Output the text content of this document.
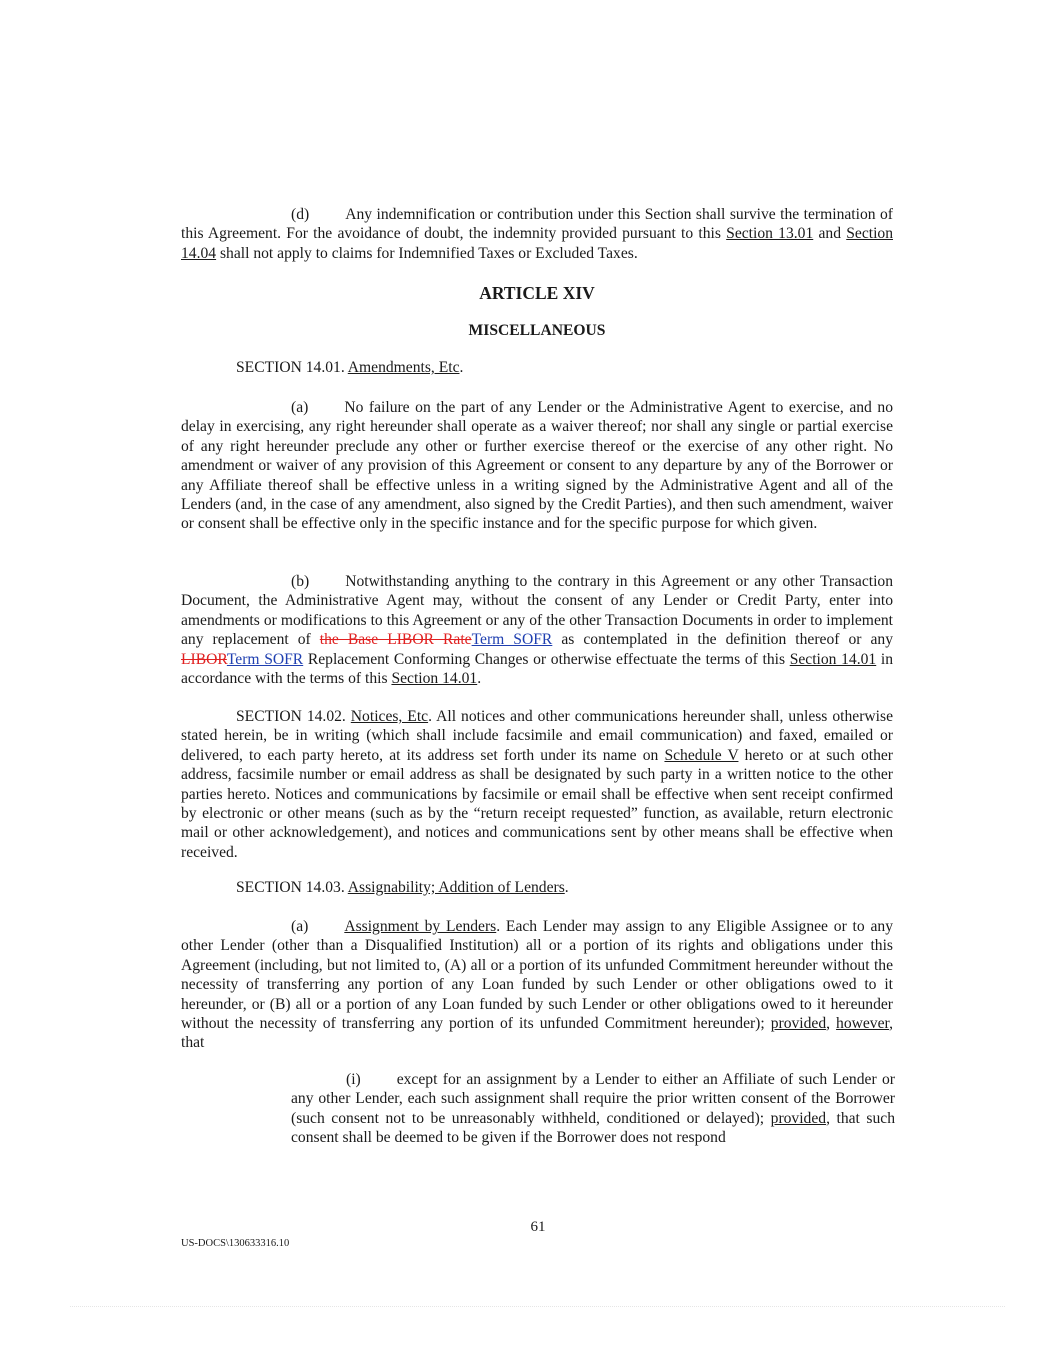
(d) Any indemnification or contribution under this Section shall survive the termination of this Agreement. For the avoidance of doubt, the indemnity provided pursuant to this Section 13.01 and Section 14.04 shall not apply to claims for Indemnified Taxes or Excluded Taxes.

ARTICLE XIV

MISCELLANEOUS

SECTION 14.01. Amendments, Etc.

(a) No failure on the part of any Lender or the Administrative Agent to exercise, and no delay in exercising, any right hereunder shall operate as a waiver thereof; nor shall any single or partial exercise of any right hereunder preclude any other or further exercise thereof or the exercise of any other right. No amendment or waiver of any provision of this Agreement or consent to any departure by any of the Borrower or any Affiliate thereof shall be effective unless in a writing signed by the Administrative Agent and all of the Lenders (and, in the case of any amendment, also signed by the Credit Parties), and then such amendment, waiver or consent shall be effective only in the specific instance and for the specific purpose for which given.

(b) Notwithstanding anything to the contrary in this Agreement or any other Transaction Document, the Administrative Agent may, without the consent of any Lender or Credit Party, enter into amendments or modifications to this Agreement or any of the other Transaction Documents in order to implement any replacement of the Base LIBOR RateTerm SOFR as contemplated in the definition thereof or any LIBORTerm SOFR Replacement Conforming Changes or otherwise effectuate the terms of this Section 14.01 in accordance with the terms of this Section 14.01.

SECTION 14.02. Notices, Etc. All notices and other communications hereunder shall, unless otherwise stated herein, be in writing (which shall include facsimile and email communication) and faxed, emailed or delivered, to each party hereto, at its address set forth under its name on Schedule V hereto or at such other address, facsimile number or email address as shall be designated by such party in a written notice to the other parties hereto. Notices and communications by facsimile or email shall be effective when sent receipt confirmed by electronic or other means (such as by the “return receipt requested” function, as available, return electronic mail or other acknowledgement), and notices and communications sent by other means shall be effective when received.

SECTION 14.03. Assignability; Addition of Lenders.

(a) Assignment by Lenders. Each Lender may assign to any Eligible Assignee or to any other Lender (other than a Disqualified Institution) all or a portion of its rights and obligations under this Agreement (including, but not limited to, (A) all or a portion of its unfunded Commitment hereunder without the necessity of transferring any portion of any Loan funded by such Lender or other obligations owed to it hereunder, or (B) all or a portion of any Loan funded by such Lender or other obligations owed to it hereunder without the necessity of transferring any portion of its unfunded Commitment hereunder); provided, however, that

(i) except for an assignment by a Lender to either an Affiliate of such Lender or any other Lender, each such assignment shall require the prior written consent of the Borrower (such consent not to be unreasonably withheld, conditioned or delayed); provided, that such consent shall be deemed to be given if the Borrower does not respond

61

US-DOCS\130633316.10
